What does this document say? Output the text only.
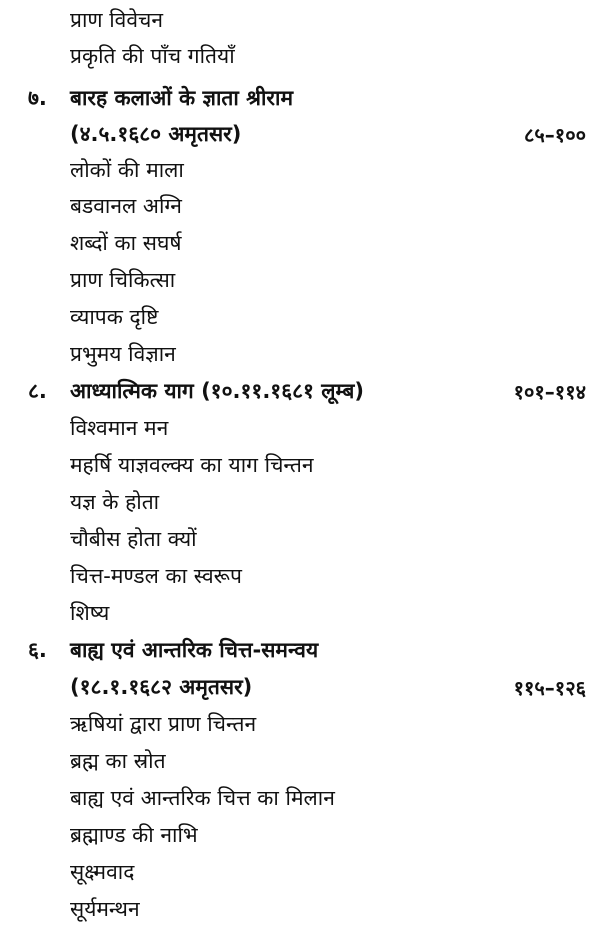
प्राण विवेचन
प्रकृति की पाँच गतियाँ
७. बारह कलाओं के ज्ञाता श्रीराम
(४.५.१६८० अमृतसर)	८५–१००
लोकों की माला
बडवानल अग्नि
शब्दों का सघर्ष
प्राण चिकित्सा
व्यापक दृष्टि
प्रभुमय विज्ञान
८. आध्यात्मिक याग (१०.११.१६८१ लूम्ब)	१०१–११४
विश्वमान मन
महर्षि याज्ञवल्क्य का याग चिन्तन
यज्ञ के होता
चौबीस होता क्यों
चित्त-मण्डल का स्वरूप
शिष्य
६. बाह्य एवं आन्तरिक चित्त-समन्वय
(१८.१.१६८२ अमृतसर)	११५–१२६
ऋषियां द्वारा प्राण चिन्तन
ब्रह्म का स्रोत
बाह्य एवं आन्तरिक चित्त का मिलान
ब्रह्माण्ड की नाभि
सूक्ष्मवाद
सूर्यमन्थन
